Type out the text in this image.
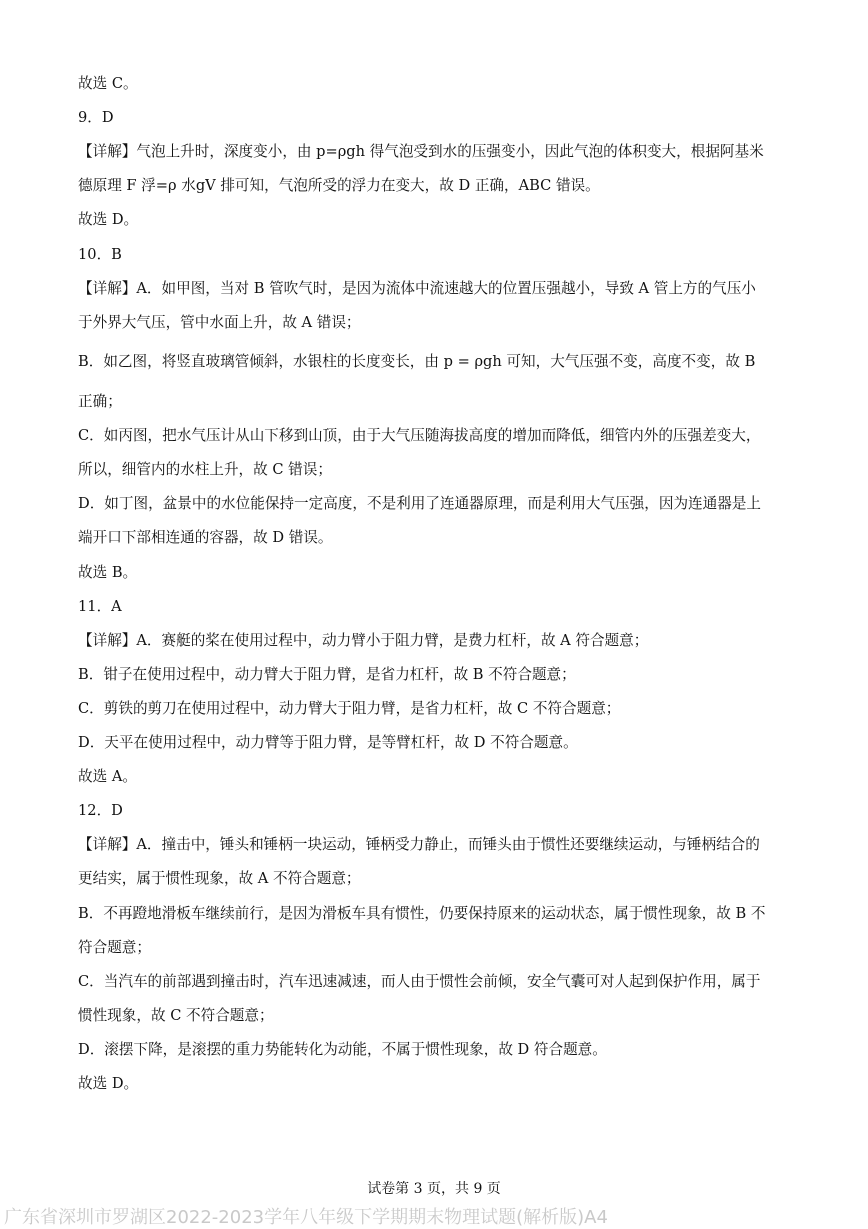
故选 C。
9．D
【详解】气泡上升时，深度变小，由 p=ρgh 得气泡受到水的压强变小，因此气泡的体积变大，根据阿基米
德原理 F 浮=ρ 水gV 排可知，气泡所受的浮力在变大，故 D 正确，ABC 错误。
故选 D。
10．B
【详解】A．如甲图，当对 B 管吹气时，是因为流体中流速越大的位置压强越小，导致 A 管上方的气压小
于外界大气压，管中水面上升，故 A 错误；
B．如乙图，将竖直玻璃管倾斜，水银柱的长度变长，由 p = ρgh 可知，大气压强不变，高度不变，故 B
正确；
C．如丙图，把水气压计从山下移到山顶，由于大气压随海拔高度的增加而降低，细管内外的压强差变大，
所以，细管内的水柱上升，故 C 错误；
D．如丁图，盆景中的水位能保持一定高度，不是利用了连通器原理，而是利用大气压强，因为连通器是上
端开口下部相连通的容器，故 D 错误。
故选 B。
11．A
【详解】A．赛艇的桨在使用过程中，动力臂小于阻力臂，是费力杠杆，故 A 符合题意；
B．钳子在使用过程中，动力臂大于阻力臂，是省力杠杆，故 B 不符合题意；
C．剪铁的剪刀在使用过程中，动力臂大于阻力臂，是省力杠杆，故 C 不符合题意；
D．天平在使用过程中，动力臂等于阻力臂，是等臂杠杆，故 D 不符合题意。
故选 A。
12．D
【详解】A．撞击中，锤头和锤柄一块运动，锤柄受力静止，而锤头由于惯性还要继续运动，与锤柄结合的
更结实，属于惯性现象，故 A 不符合题意；
B．不再蹬地滑板车继续前行，是因为滑板车具有惯性，仍要保持原来的运动状态，属于惯性现象，故 B 不
符合题意；
C．当汽车的前部遇到撞击时，汽车迅速减速，而人由于惯性会前倾，安全气囊可对人起到保护作用，属于
惯性现象，故 C 不符合题意；
D．滚摆下降，是滚摆的重力势能转化为动能，不属于惯性现象，故 D 符合题意。
故选 D。
试卷第 3 页，共 9 页
广东省深圳市罗湖区2022-2023学年八年级下学期期末物理试题(解析版)A4
